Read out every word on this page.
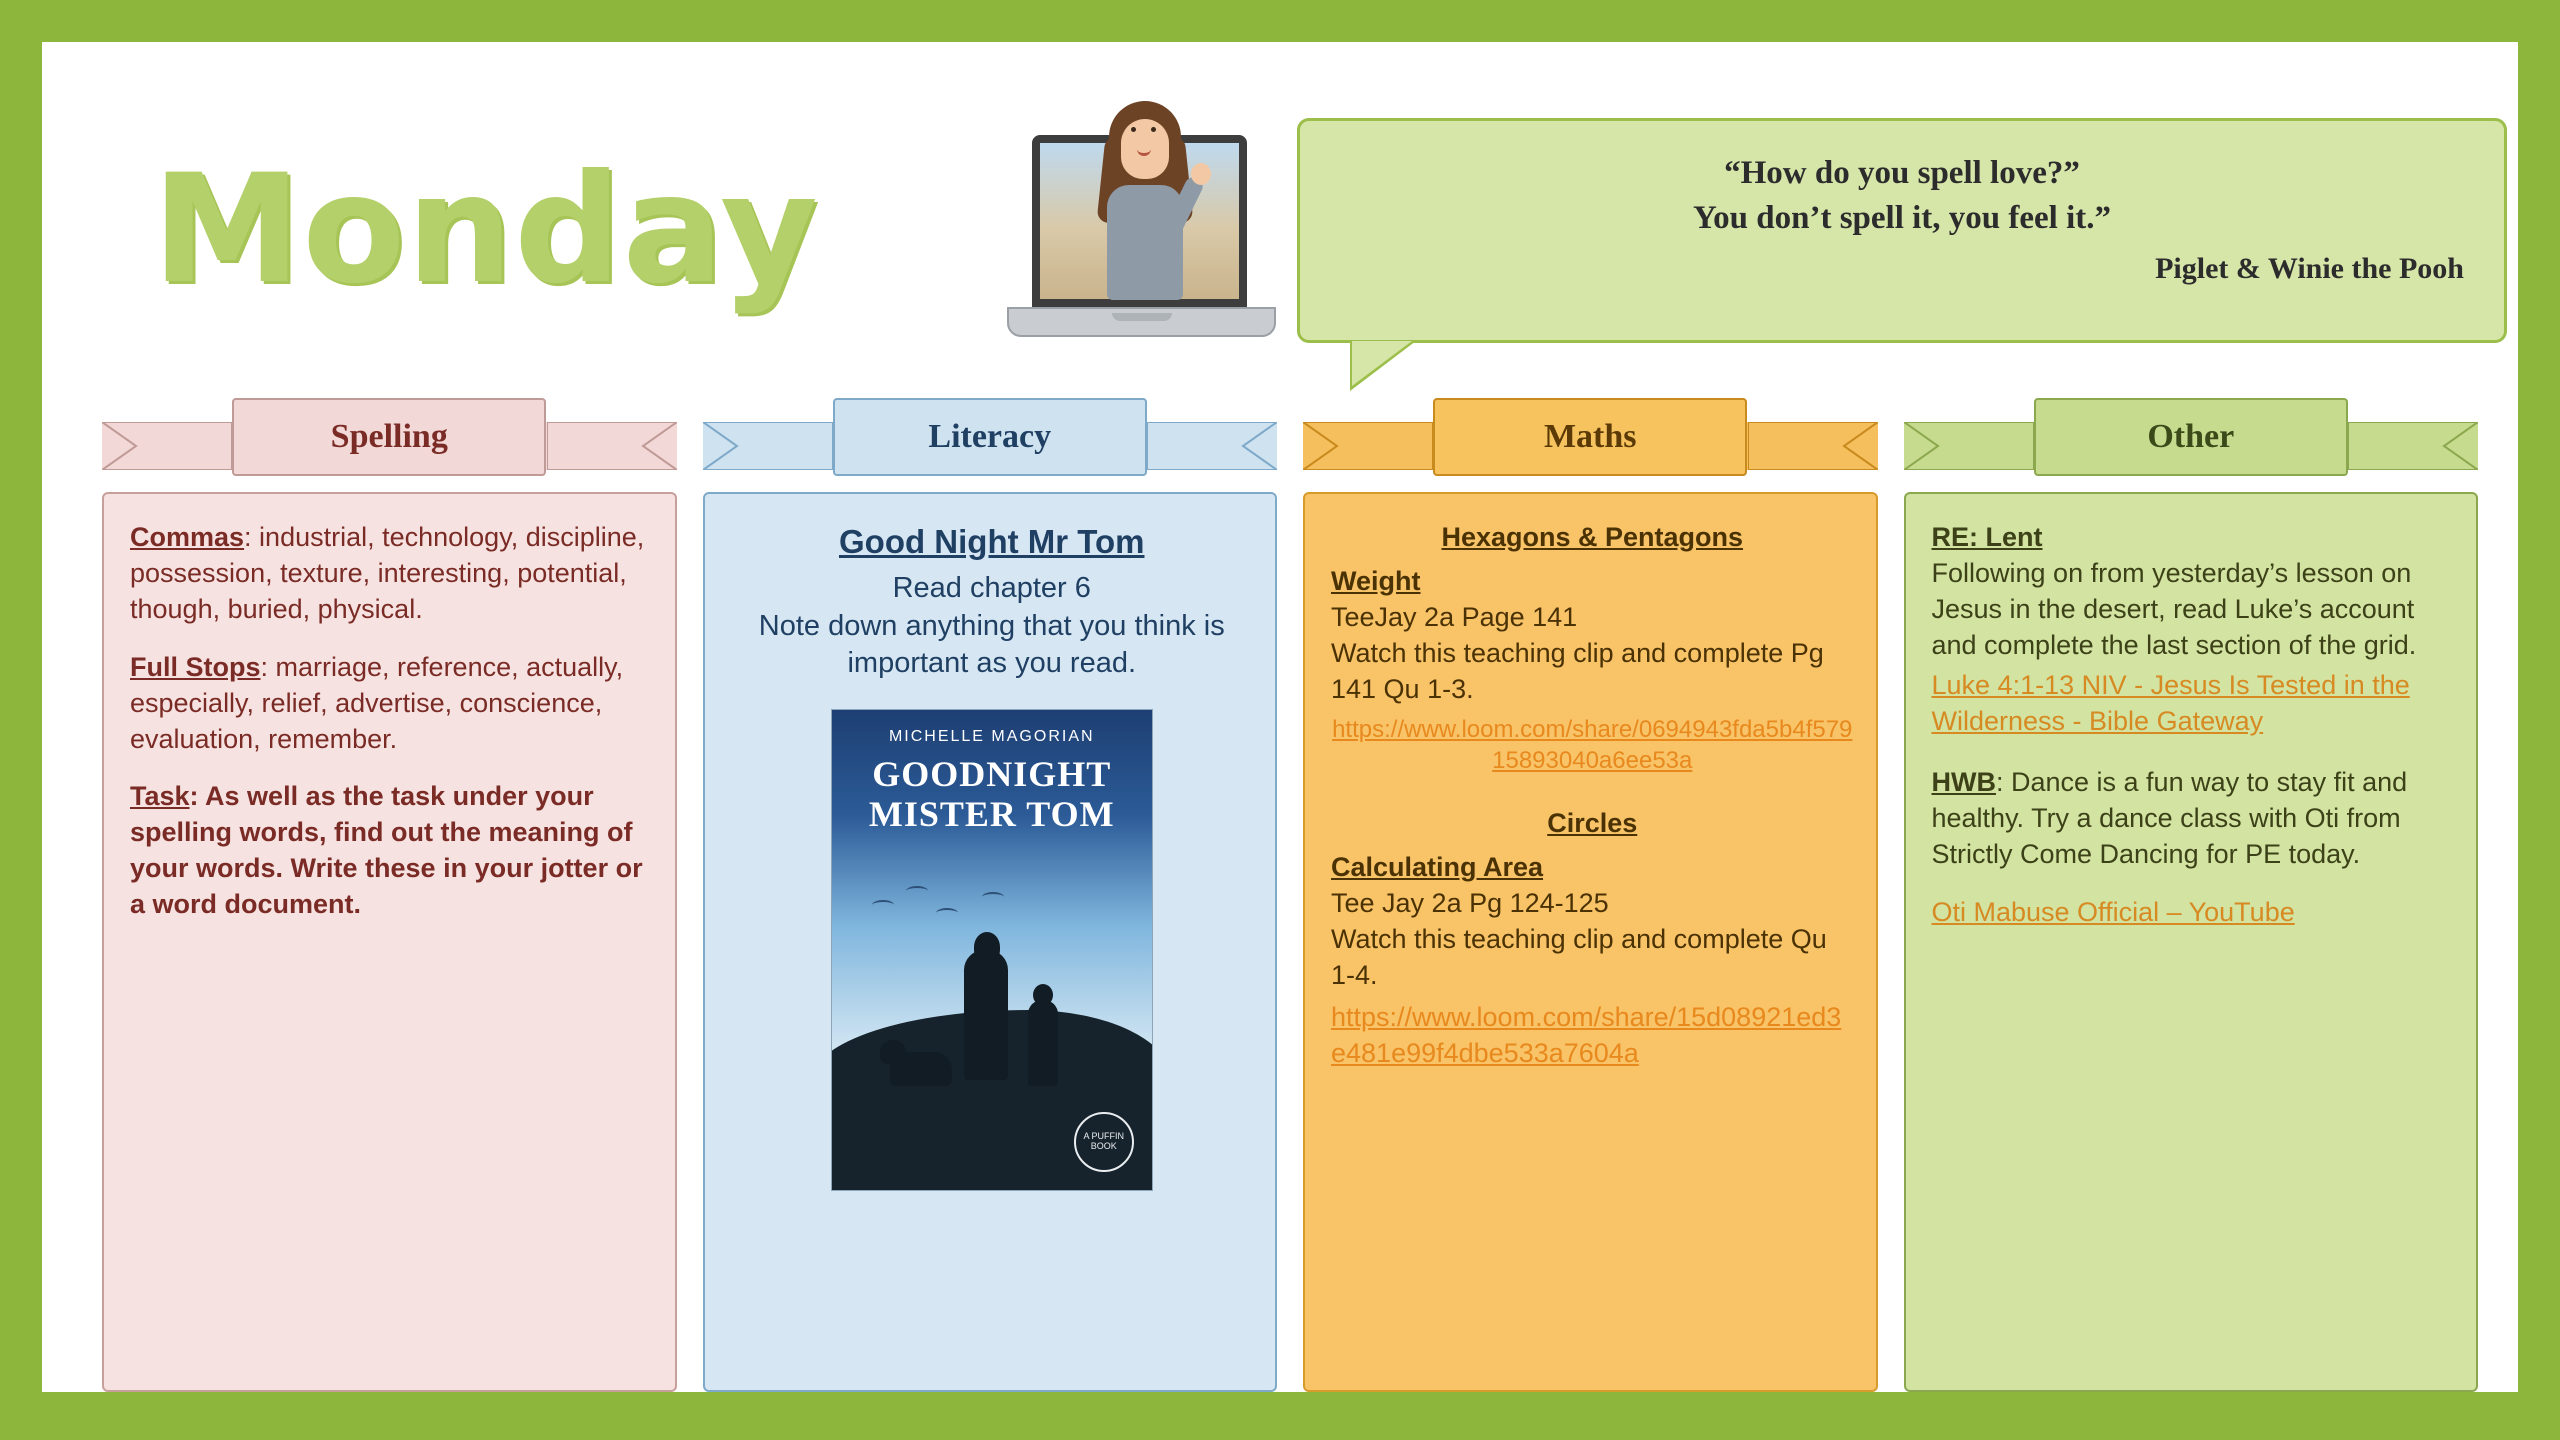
Monday	“How do you spell love?”
You don’t spell it, you feel it.”
Piglet & Winie the Pooh
Spelling

Commas: industrial, technology, discipline, possession, texture, interesting, potential, though, buried, physical.

Full Stops: marriage, reference, actually, especially, relief, advertise, conscience, evaluation, remember.

Task: As well as the task under your spelling words, find out the meaning of your words. Write these in your jotter or a word document.

Literacy
Good Night Mr Tom
Read chapter 6
Note down anything that you think is important as you read.
MICHELLE MAGORIAN
GOODNIGHT MISTER TOM
A PUFFIN BOOK
Maths
Hexagons & Pentagons
Weight
TeeJay 2a Page 141
Watch this teaching clip and complete Pg 141 Qu 1-3.
https://www.loom.com/share/0694943fda5b4f57915893040a6ee53a
Circles
Calculating Area
Tee Jay 2a Pg 124-125
Watch this teaching clip and complete Qu 1-4.
https://www.loom.com/share/15d08921ed3e481e99f4dbe533a7604a
Other
RE: Lent
Following on from yesterday’s lesson on Jesus in the desert, read Luke’s account and complete the last section of the grid.
Luke 4:1-13 NIV - Jesus Is Tested in the Wilderness - Bible Gateway

HWB: Dance is a fun way to stay fit and healthy. Try a dance class with Oti from Strictly Come Dancing for PE today.

Oti Mabuse Official – YouTube
